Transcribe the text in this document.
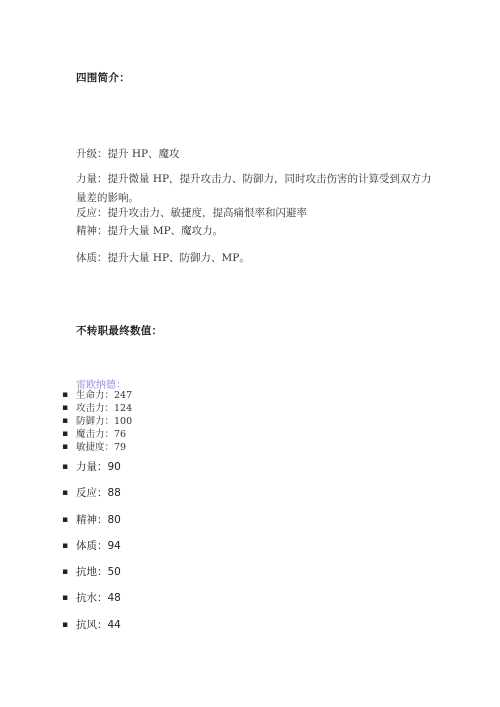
四围简介：
升级：提升 HP、魔攻
力量：提升微量 HP，提升攻击力、防御力，同时攻击伤害的计算受到双方力量差的影响。
反应：提升攻击力、敏捷度，提高痛恨率和闪避率
精神：提升大量 MP、魔攻力。
体质：提升大量 HP、防御力、MP。
不转职最终数值：
雷欧纳德：
▪ 生命力：247
▪ 攻击力：124
▪ 防御力：100
▪ 魔击力：76
▪ 敏捷度：79
▪ 力量：90
▪ 反应：88
▪ 精神：80
▪ 体质：94
▪ 抗地：50
▪ 抗水：48
▪ 抗风：44
